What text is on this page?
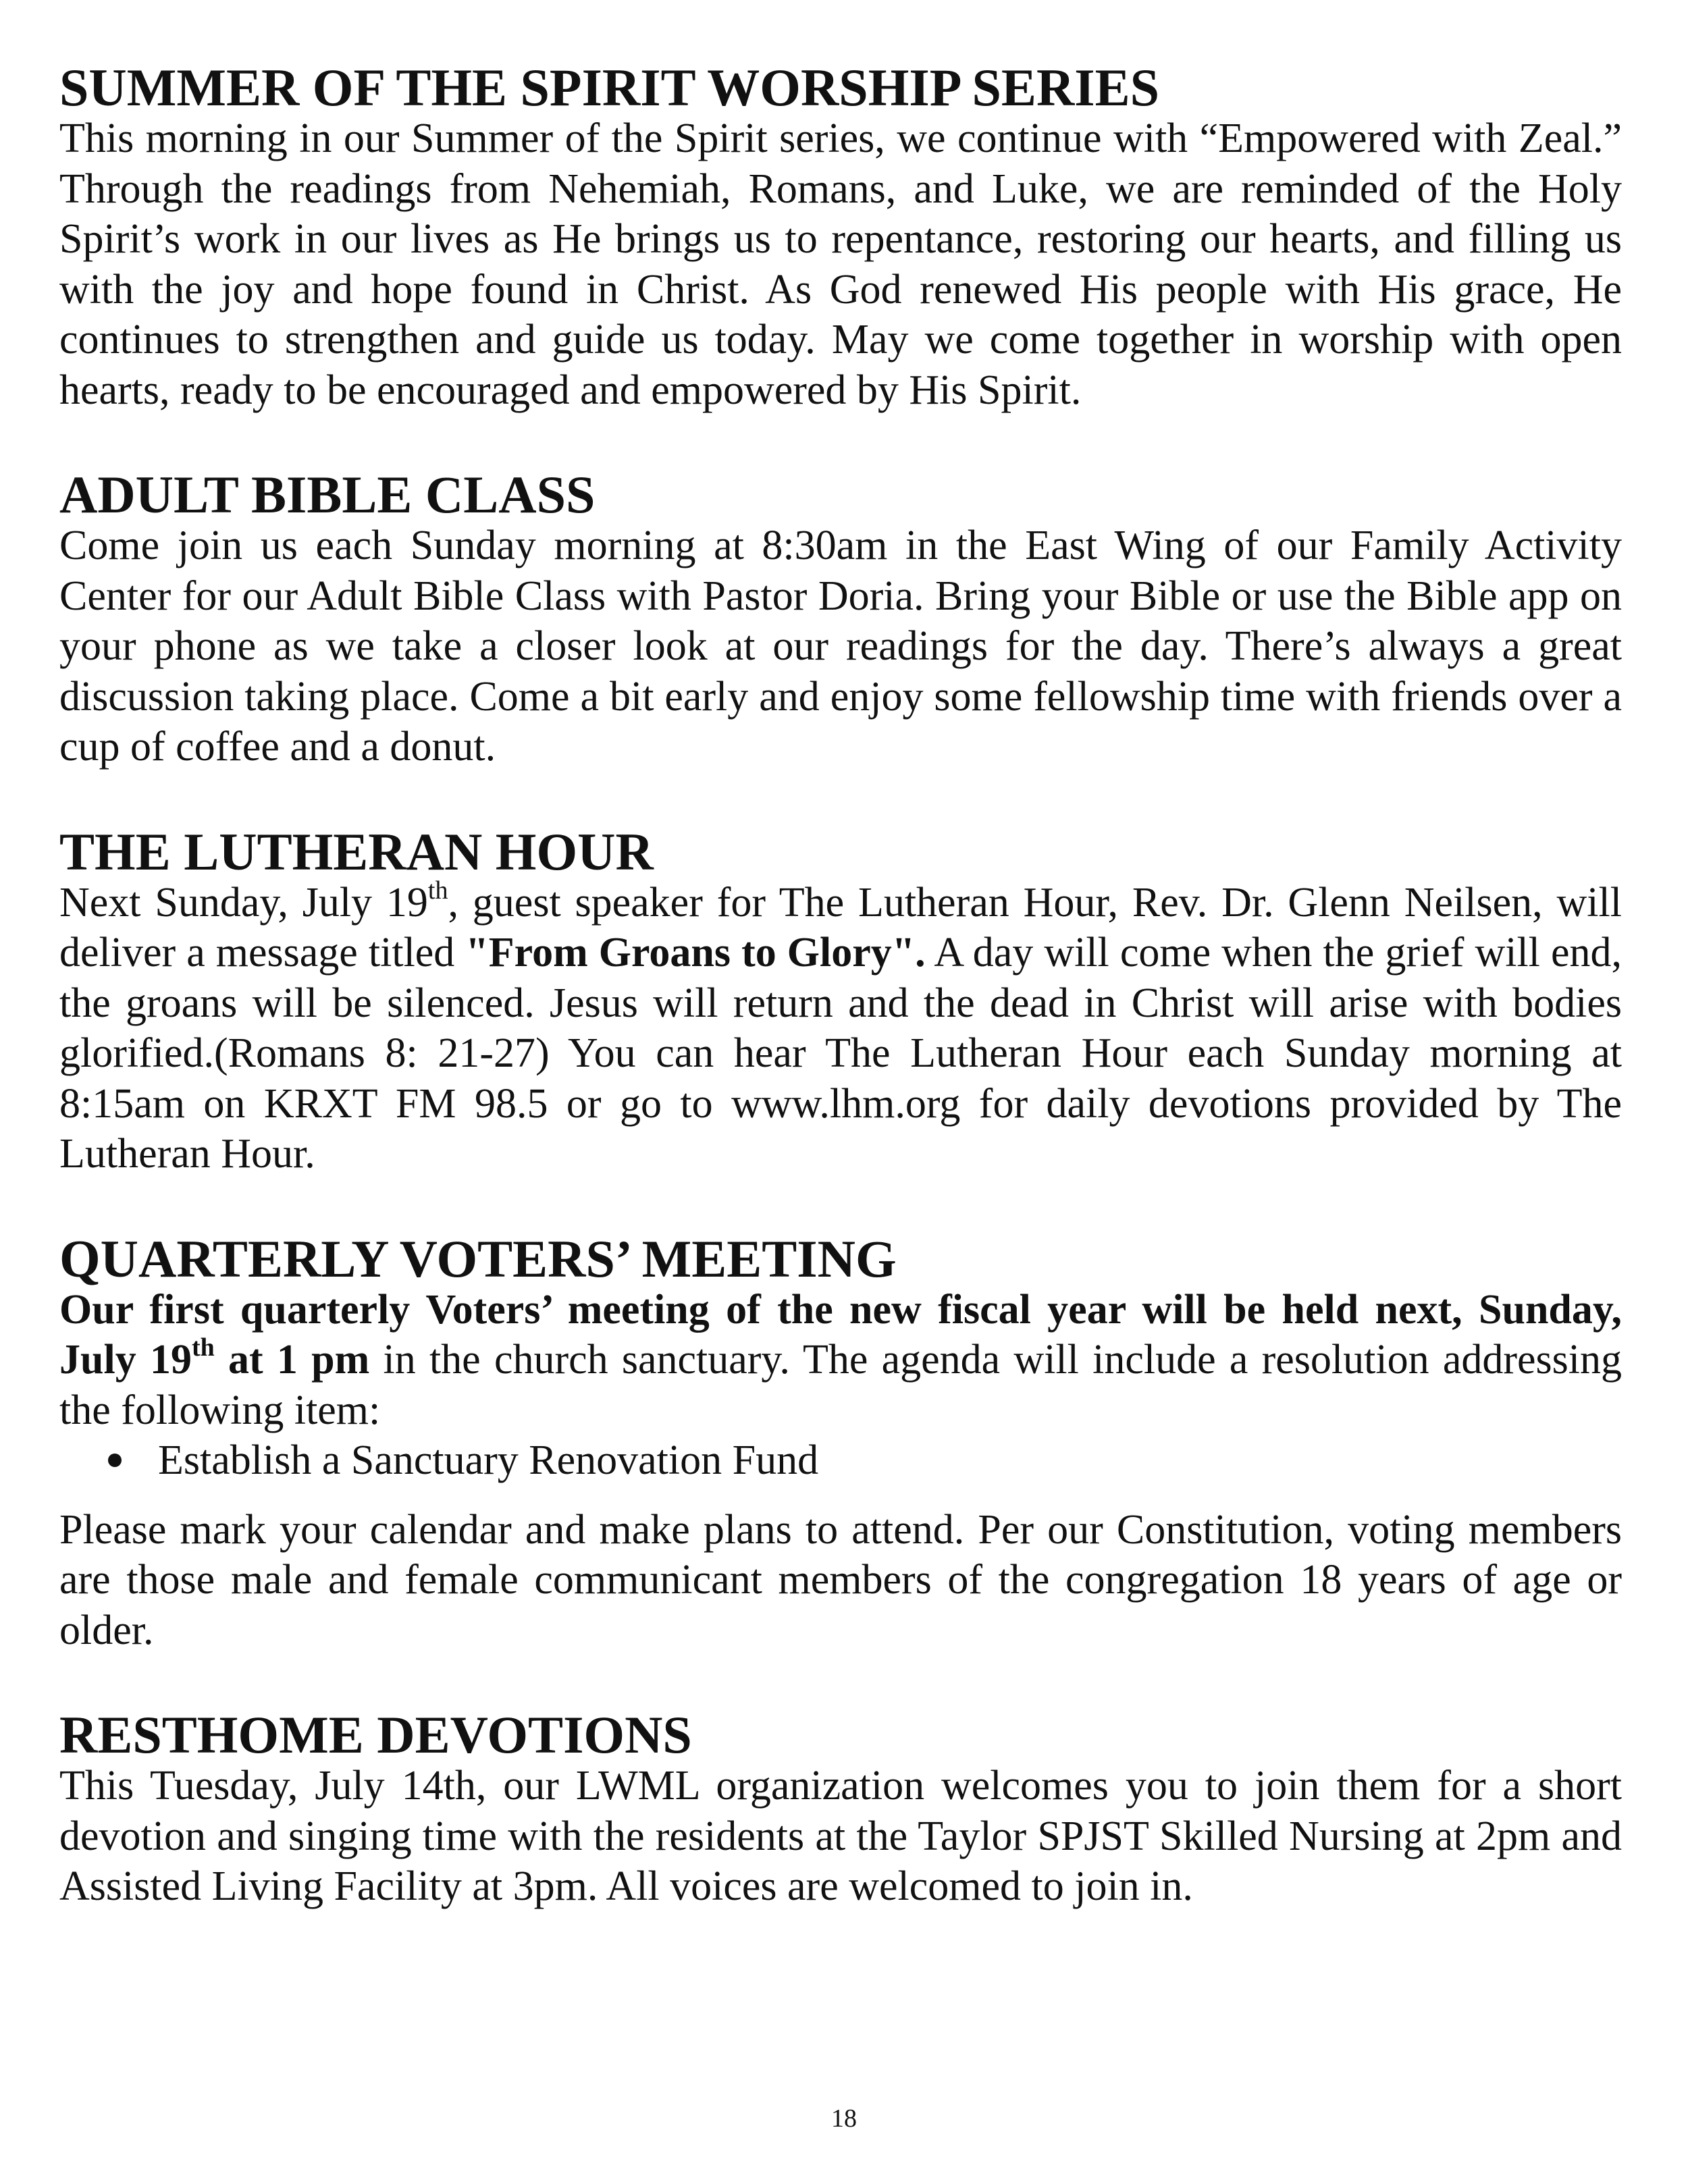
SUMMER OF THE SPIRIT WORSHIP SERIES

This morning in our Summer of the Spirit series, we continue with “Empowered with Zeal.” Through the readings from Nehemiah, Romans, and Luke, we are reminded of the Holy Spirit’s work in our lives as He brings us to repentance, restoring our hearts, and filling us with the joy and hope found in Christ. As God renewed His people with His grace, He continues to strengthen and guide us today. May we come together in worship with open hearts, ready to be encouraged and empowered by His Spirit.

ADULT BIBLE CLASS

Come join us each Sunday morning at 8:30am in the East Wing of our Family Activity Center for our Adult Bible Class with Pastor Doria. Bring your Bible or use the Bible app on your phone as we take a closer look at our readings for the day. There’s always a great discussion taking place. Come a bit early and enjoy some fellowship time with friends over a cup of coffee and a donut.

THE LUTHERAN HOUR

Next Sunday, July 19th, guest speaker for The Lutheran Hour, Rev. Dr. Glenn Neilsen, will deliver a message titled "From Groans to Glory". A day will come when the grief will end, the groans will be silenced. Jesus will return and the dead in Christ will arise with bodies glorified.(Romans 8: 21-27) You can hear The Lutheran Hour each Sunday morning at 8:15am on KRXT FM 98.5 or go to www.lhm.org for daily devotions provided by The Lutheran Hour.

QUARTERLY VOTERS’ MEETING

Our first quarterly Voters’ meeting of the new fiscal year will be held next, Sunday, July 19th at 1 pm in the church sanctuary. The agenda will include a resolution addressing the following item:

Establish a Sanctuary Renovation Fund

Please mark your calendar and make plans to attend. Per our Constitution, voting members are those male and female communicant members of the congregation 18 years of age or older.

RESTHOME DEVOTIONS

This Tuesday, July 14th, our LWML organization welcomes you to join them for a short devotion and singing time with the residents at the Taylor SPJST Skilled Nursing at 2pm and Assisted Living Facility at 3pm. All voices are welcomed to join in.

18
